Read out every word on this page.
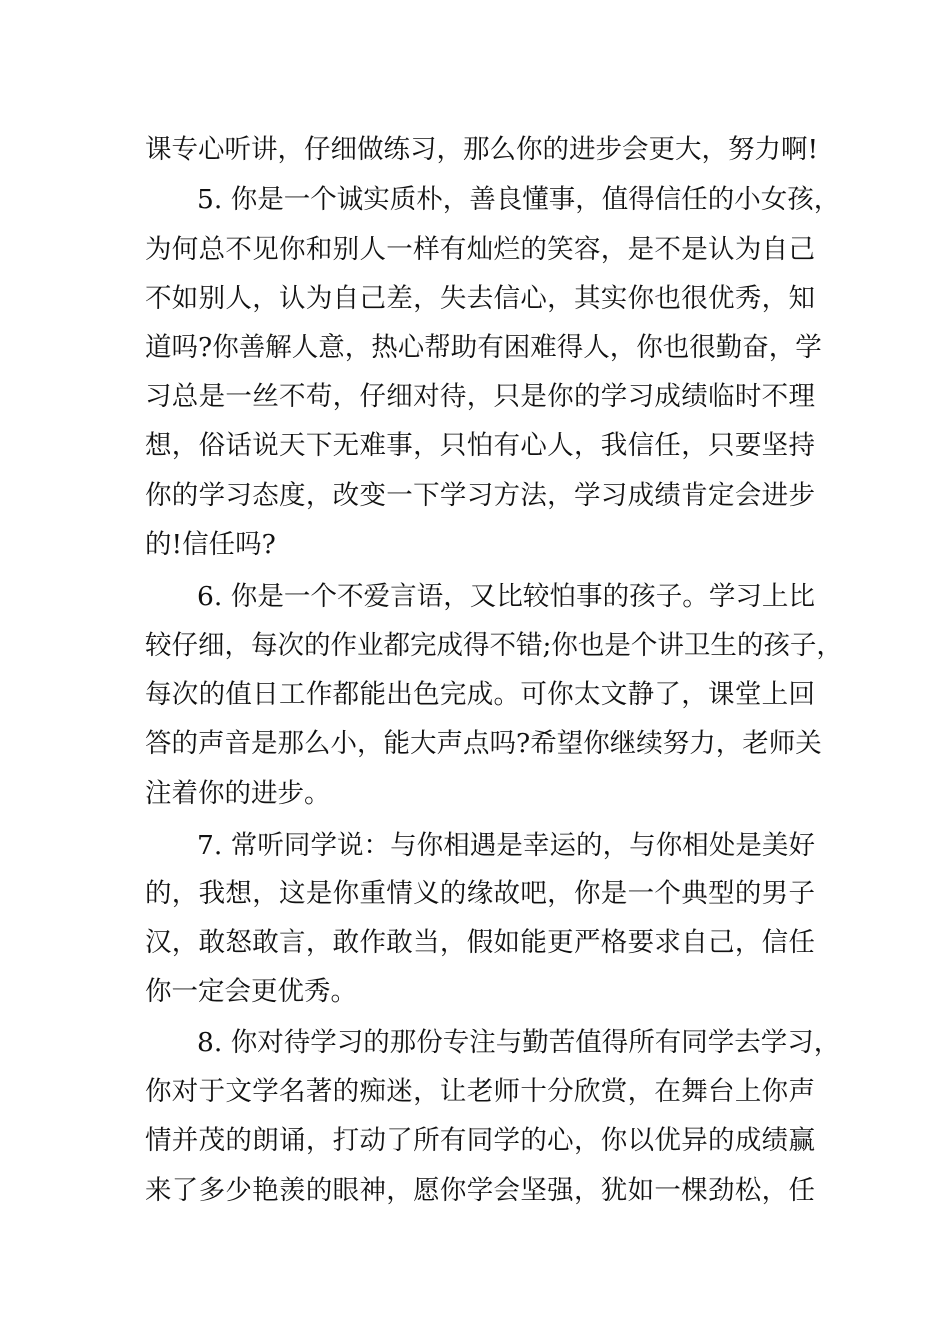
课专心听讲，仔细做练习，那么你的进步会更大，努力啊!
5. 你是一个诚实质朴，善良懂事，值得信任的小女孩，
为何总不见你和别人一样有灿烂的笑容，是不是认为自己
不如别人，认为自己差，失去信心，其实你也很优秀，知
道吗?你善解人意，热心帮助有困难得人，你也很勤奋，学
习总是一丝不苟，仔细对待，只是你的学习成绩临时不理
想，俗话说天下无难事，只怕有心人，我信任，只要坚持
你的学习态度，改变一下学习方法，学习成绩肯定会进步
的!信任吗?
6. 你是一个不爱言语，又比较怕事的孩子。学习上比
较仔细，每次的作业都完成得不错;你也是个讲卫生的孩子，
每次的值日工作都能出色完成。可你太文静了，课堂上回
答的声音是那么小，能大声点吗?希望你继续努力，老师关
注着你的进步。
7. 常听同学说：与你相遇是幸运的，与你相处是美好
的，我想，这是你重情义的缘故吧，你是一个典型的男子
汉，敢怒敢言，敢作敢当，假如能更严格要求自己，信任
你一定会更优秀。
8. 你对待学习的那份专注与勤苦值得所有同学去学习，
你对于文学名著的痴迷，让老师十分欣赏，在舞台上你声
情并茂的朗诵，打动了所有同学的心，你以优异的成绩赢
来了多少艳羡的眼神，愿你学会坚强，犹如一棵劲松，任
